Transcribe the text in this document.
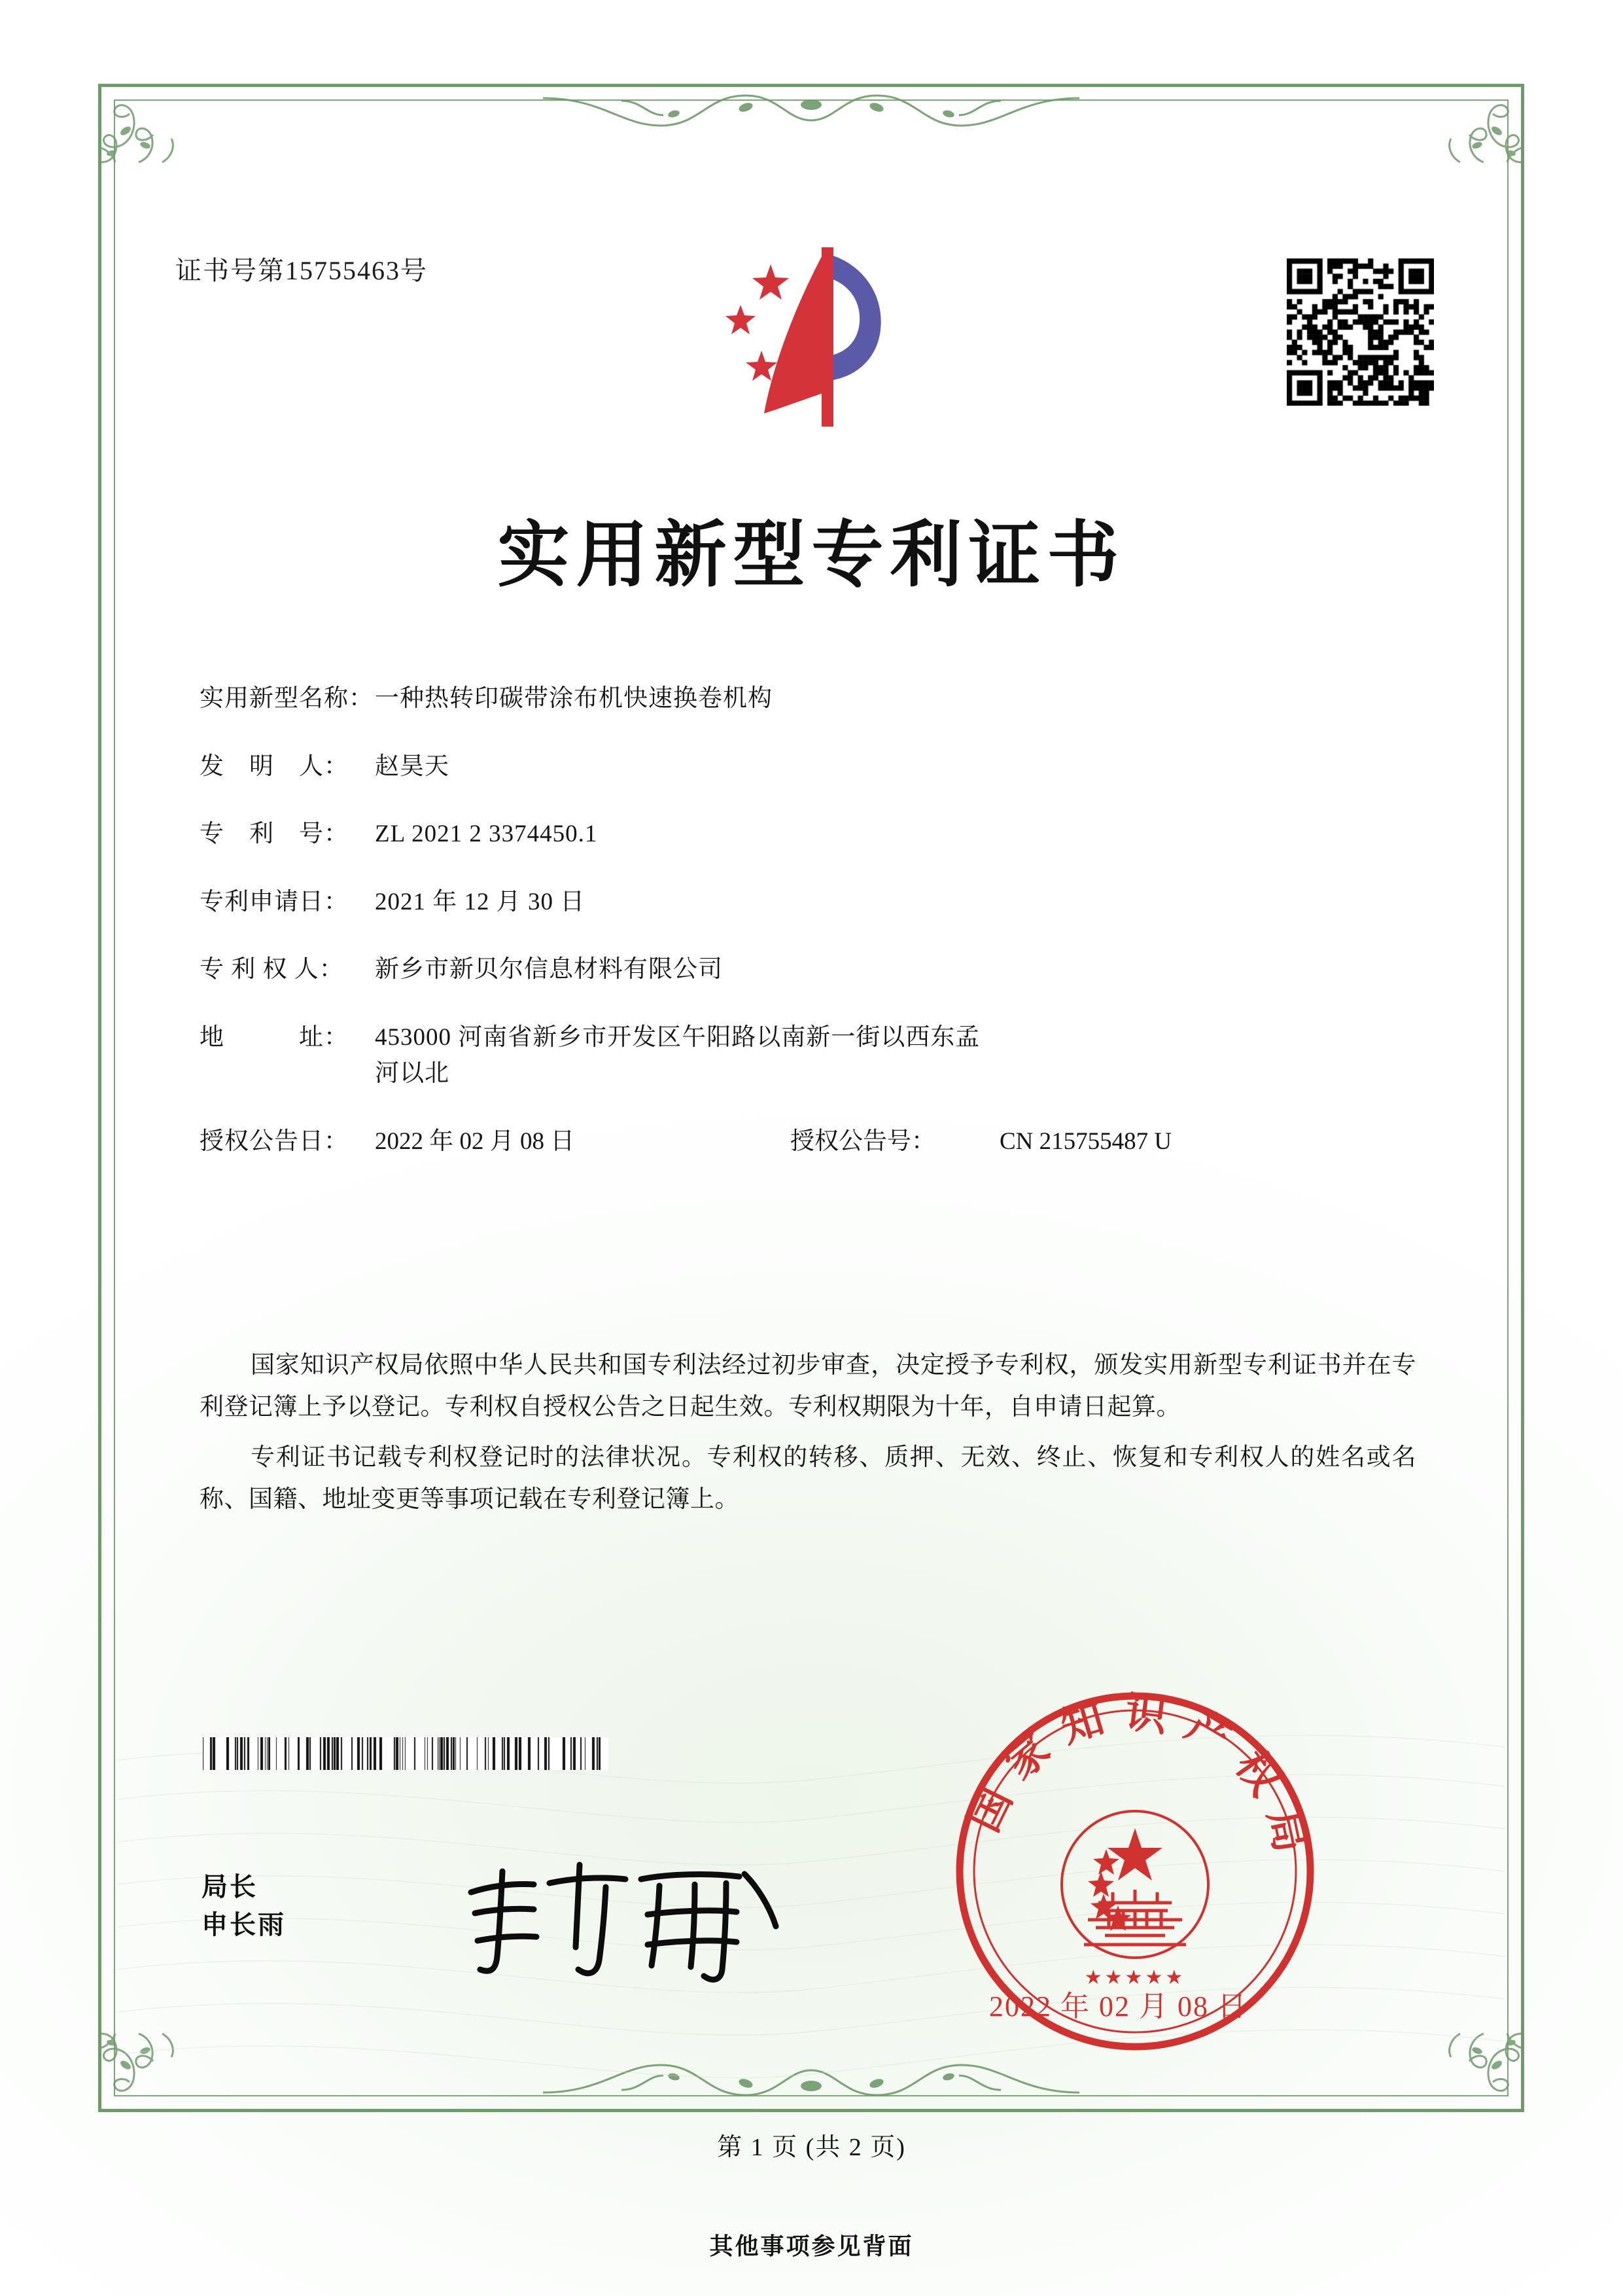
证书号第15755463号
实用新型专利证书
实用新型名称： 一种热转印碳带涂布机快速换卷机构
发　明　人：	赵昊天
专　利　号：	ZL 2021 2 3374450.1
专利申请日：	2021 年 12 月 30 日
专 利 权 人：	新乡市新贝尔信息材料有限公司
地　　　址：	453000 河南省新乡市开发区午阳路以南新一街以西东孟
河以北
授权公告日：	2022 年 02 月 08 日	授权公告号：	CN 215755487 U

国家知识产权局依照中华人民共和国专利法经过初步审查，决定授予专利权，颁发实用新型专利证书并在专利登记簿上予以登记。专利权自授权公告之日起生效。专利权期限为十年，自申请日起算。

专利证书记载专利权登记时的法律状况。专利权的转移、质押、无效、终止、恢复和专利权人的姓名或名称、国籍、地址变更等事项记载在专利登记簿上。

局长
申长雨
国家知识产权局
★★★★★
2022 年 02 月 08 日
第 1 页 (共 2 页)
其他事项参见背面
